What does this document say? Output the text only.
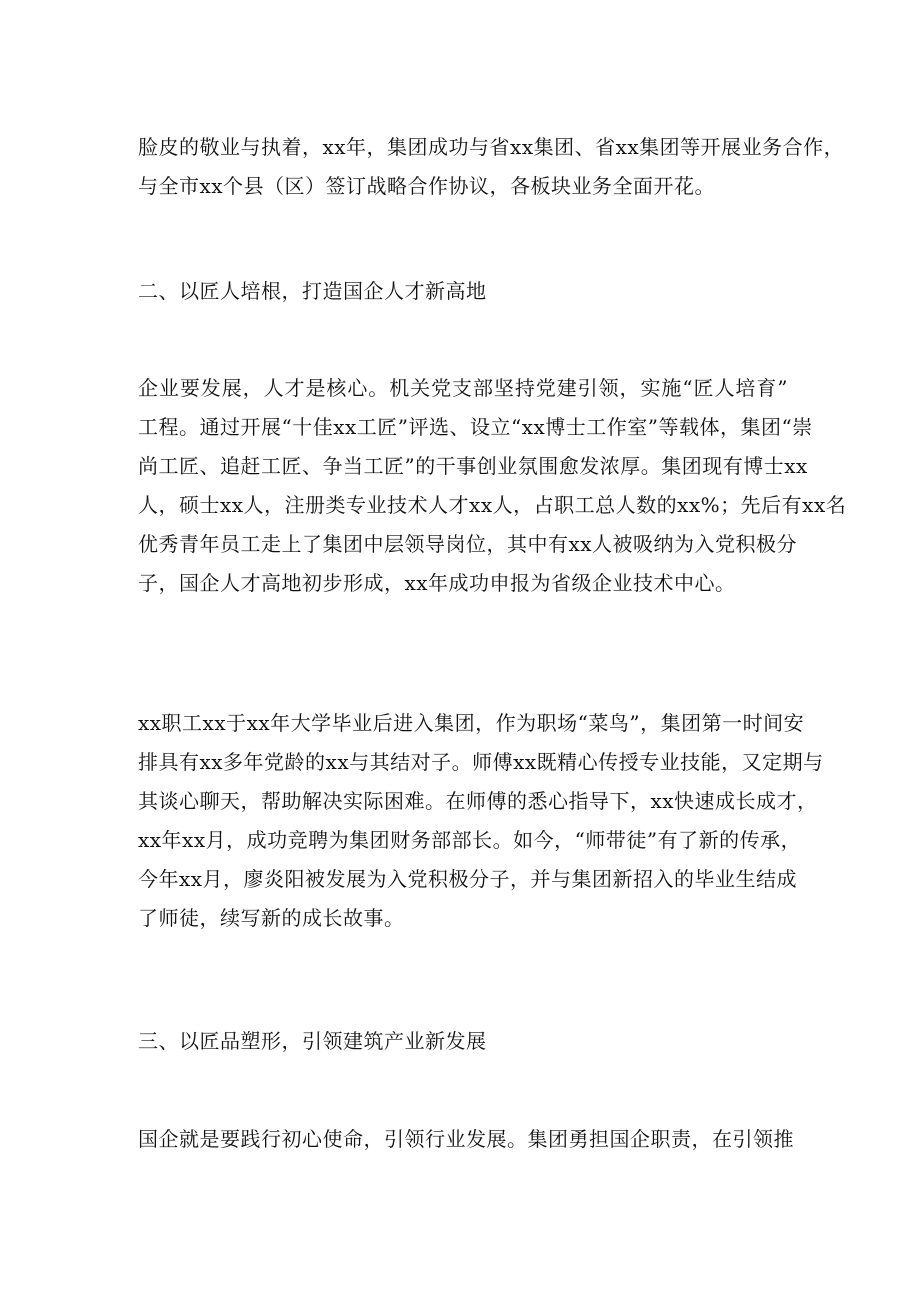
脸皮的敬业与执着，xx年，集团成功与省xx集团、省xx集团等开展业务合作，
与全市xx个县（区）签订战略合作协议，各板块业务全面开花。
二、以匠人培根，打造国企人才新高地
企业要发展，人才是核心。机关党支部坚持党建引领，实施“匠人培育”
工程。通过开展“十佳xx工匠”评选、设立“xx博士工作室”等载体，集团“崇
尚工匠、追赶工匠、争当工匠”的干事创业氛围愈发浓厚。集团现有博士xx
人，硕士xx人，注册类专业技术人才xx人，占职工总人数的xx%；先后有xx名
优秀青年员工走上了集团中层领导岗位，其中有xx人被吸纳为入党积极分
子，国企人才高地初步形成，xx年成功申报为省级企业技术中心。
xx职工xx于xx年大学毕业后进入集团，作为职场“菜鸟”，集团第一时间安
排具有xx多年党龄的xx与其结对子。师傅xx既精心传授专业技能，又定期与
其谈心聊天，帮助解决实际困难。在师傅的悉心指导下，xx快速成长成才，
xx年xx月，成功竞聘为集团财务部部长。如今，“师带徒”有了新的传承，
今年xx月，廖炎阳被发展为入党积极分子，并与集团新招入的毕业生结成
了师徒，续写新的成长故事。
三、以匠品塑形，引领建筑产业新发展
国企就是要践行初心使命，引领行业发展。集团勇担国企职责，在引领推
